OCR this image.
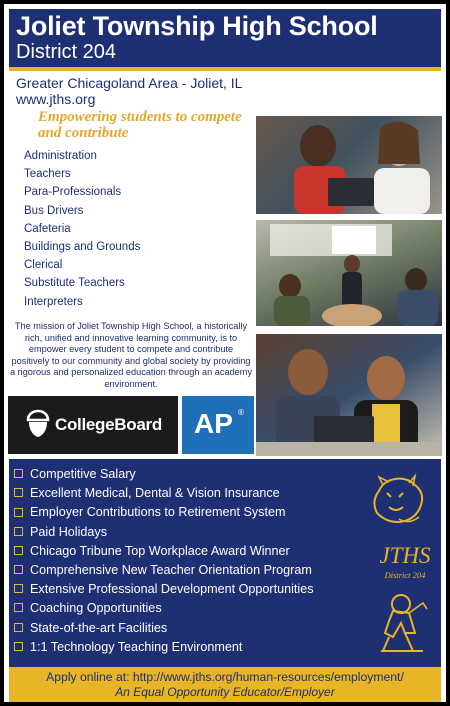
Joliet Township High School
District 204
Greater Chicagoland Area - Joliet, IL
www.jths.org
Empowering students to compete and contribute
Administration
Teachers
Para-Professionals
Bus Drivers
Cafeteria
Buildings and Grounds
Clerical
Substitute Teachers
Interpreters
The mission of Joliet Township High School, a historically rich, unified and innovative learning community, is to empower every student to compete and contribute positively to our community and global society by providing a rigorous and personalized education through an academy environment.
CollegeBoard AP ®
Competitive Salary
Excellent Medical, Dental & Vision Insurance
Employer Contributions to Retirement System
Paid Holidays
Chicago Tribune Top Workplace Award Winner
Comprehensive New Teacher Orientation Program
Extensive Professional Development Opportunities
Coaching Opportunities
State-of-the-art Facilities
1:1 Technology Teaching Environment
JTHS
District 204
Apply online at: http://www.jths.org/human-resources/employment/
An Equal Opportunity Educator/Employer
